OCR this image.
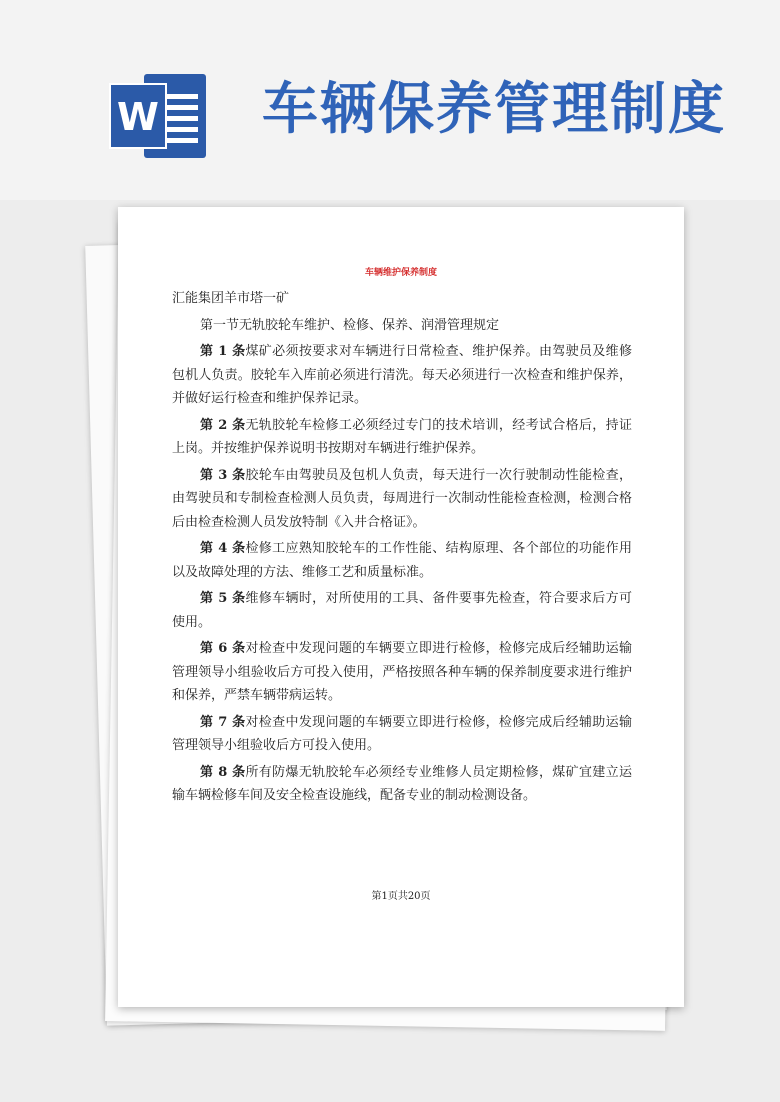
W 车辆保养管理制度
车辆维护保养制度
汇能集团羊市塔一矿
第一节无轨胶轮车维护、检修、保养、润滑管理规定

第 1 条煤矿必须按要求对车辆进行日常检查、维护保养。由驾驶员及维修包机人负责。胶轮车入库前必须进行清洗。每天必须进行一次检查和维护保养，并做好运行检查和维护保养记录。

第 2 条无轨胶轮车检修工必须经过专门的技术培训，经考试合格后，持证上岗。并按维护保养说明书按期对车辆进行维护保养。

第 3 条胶轮车由驾驶员及包机人负责，每天进行一次行驶制动性能检查，由驾驶员和专制检查检测人员负责，每周进行一次制动性能检查检测，检测合格后由检查检测人员发放特制《入井合格证》。

第 4 条检修工应熟知胶轮车的工作性能、结构原理、各个部位的功能作用以及故障处理的方法、维修工艺和质量标准。

第 5 条维修车辆时，对所使用的工具、备件要事先检查，符合要求后方可使用。

第 6 条对检查中发现问题的车辆要立即进行检修，检修完成后经辅助运输管理领导小组验收后方可投入使用，严格按照各种车辆的保养制度要求进行维护和保养，严禁车辆带病运转。

第 7 条对检查中发现问题的车辆要立即进行检修，检修完成后经辅助运输管理领导小组验收后方可投入使用。

第 8 条所有防爆无轨胶轮车必须经专业维修人员定期检修，煤矿宜建立运输车辆检修车间及安全检查设施线，配备专业的制动检测设备。

第1页共20页
